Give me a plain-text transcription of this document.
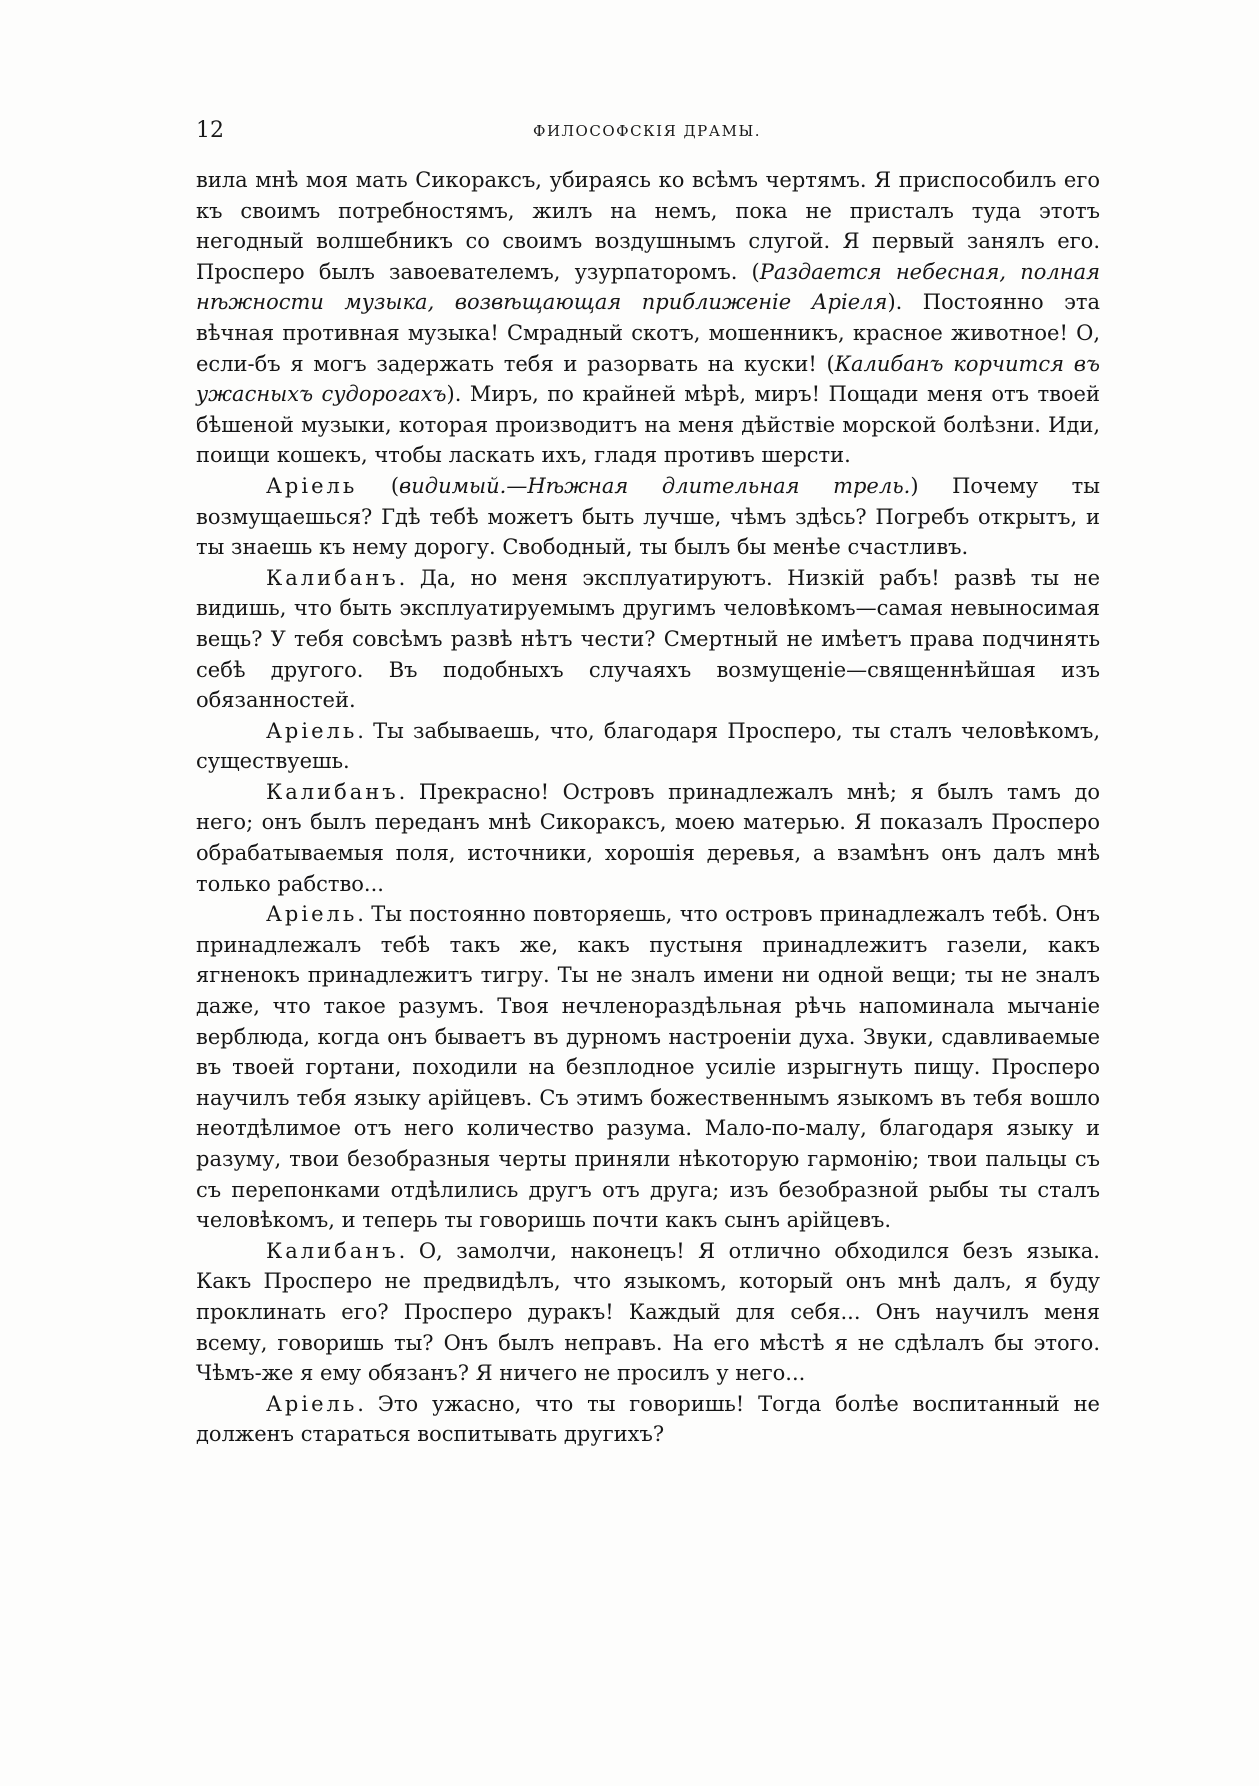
12	ФИЛОСОФСКІЯ ДРАМЫ.

вила мнѣ моя мать Сикораксъ, убираясь ко всѣмъ чертямъ. Я приспособилъ его къ своимъ потребностямъ, жилъ на немъ, пока не присталъ туда этотъ негодный волшебникъ со своимъ воздушнымъ слугой. Я первый занялъ его. Просперо былъ завоевателемъ, узурпаторомъ. (Раздается небесная, полная нѣжности музыка, возвѣщающая приближеніе Аріеля). Постоянно эта вѣчная противная музыка! Смрадный скотъ, мошенникъ, красное животное! О, если-бъ я могъ задержать тебя и разорвать на куски! (Калибанъ корчится въ ужасныхъ судорогахъ). Миръ, по крайней мѣрѣ, миръ! Пощади меня отъ твоей бѣшеной музыки, которая производитъ на меня дѣйствіе морской болѣзни. Иди, поищи кошекъ, чтобы ласкать ихъ, гладя противъ шерсти.

Аріель (видимый.—Нѣжная длительная трель.) Почему ты возмущаешься? Гдѣ тебѣ можетъ быть лучше, чѣмъ здѣсь? Погребъ открытъ, и ты знаешь къ нему дорогу. Свободный, ты былъ бы менѣе счастливъ.

Калибанъ. Да, но меня эксплуатируютъ. Низкій рабъ! развѣ ты не видишь, что быть эксплуатируемымъ другимъ человѣкомъ—самая невыносимая вещь? У тебя совсѣмъ развѣ нѣтъ чести? Смертный не имѣетъ права подчинять себѣ другого. Въ подобныхъ случаяхъ возмущеніе—священнѣйшая изъ обязанностей.

Аріель. Ты забываешь, что, благодаря Просперо, ты сталъ человѣкомъ, существуешь.

Калибанъ. Прекрасно! Островъ принадлежалъ мнѣ; я былъ тамъ до него; онъ былъ переданъ мнѣ Сикораксъ, моею матерью. Я показалъ Просперо обрабатываемыя поля, источники, хорошія деревья, а взамѣнъ онъ далъ мнѣ только рабство...

Аріель. Ты постоянно повторяешь, что островъ принадлежалъ тебѣ. Онъ принадлежалъ тебѣ такъ же, какъ пустыня принадлежитъ газели, какъ ягненокъ принадлежитъ тигру. Ты не зналъ имени ни одной вещи; ты не зналъ даже, что такое разумъ. Твоя нечленораздѣльная рѣчь напоминала мычаніе верблюда, когда онъ бываетъ въ дурномъ настроеніи духа. Звуки, сдавливаемые въ твоей гортани, походили на безплодное усиліе изрыгнуть пищу. Просперо научилъ тебя языку арійцевъ. Съ этимъ божественнымъ языкомъ въ тебя вошло неотдѣлимое отъ него количество разума. Мало-по-малу, благодаря языку и разуму, твои безобразныя черты приняли нѣкоторую гармонію; твои пальцы съ съ перепонками отдѣлились другъ отъ друга; изъ безобразной рыбы ты сталъ человѣкомъ, и теперь ты говоришь почти какъ сынъ арійцевъ.

Калибанъ. О, замолчи, наконецъ! Я отлично обходился безъ языка. Какъ Просперо не предвидѣлъ, что языкомъ, который онъ мнѣ далъ, я буду проклинать его? Просперо дуракъ! Каждый для себя... Онъ научилъ меня всему, говоришь ты? Онъ былъ неправъ. На его мѣстѣ я не сдѣлалъ бы этого. Чѣмъ-же я ему обязанъ? Я ничего не просилъ у него...

Аріель. Это ужасно, что ты говоришь! Тогда болѣе воспитанный не долженъ стараться воспитывать другихъ?
